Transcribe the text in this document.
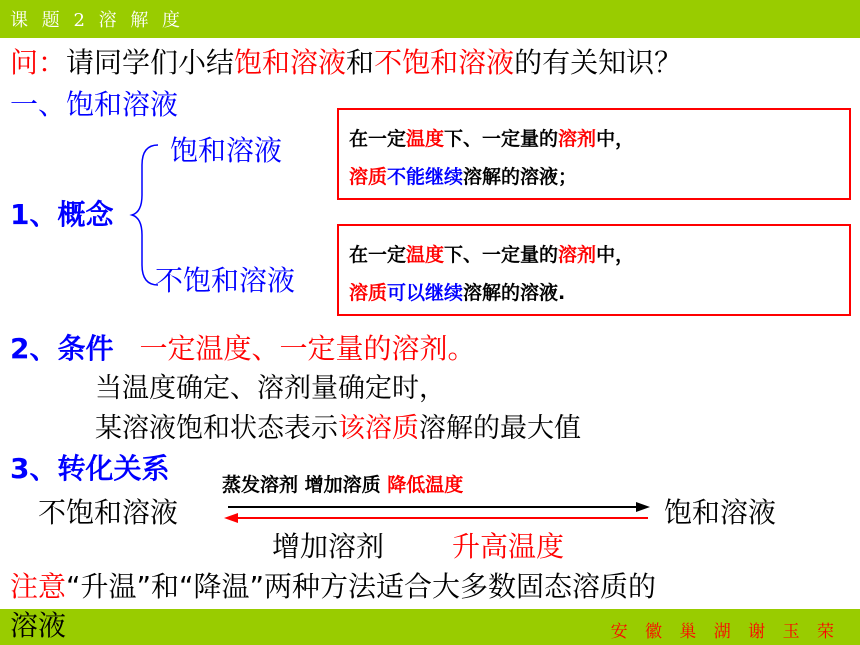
课 题 2 溶 解 度
问：请同学们小结饱和溶液和不饱和溶液的有关知识？
一、饱和溶液
饱和溶液
1、概念
不饱和溶液
在一定温度下、一定量的溶剂中，
溶质不能继续溶解的溶液；
在一定温度下、一定量的溶剂中，
溶质可以继续溶解的溶液.
2、条件 一定温度、一定量的溶剂。
当温度确定、溶剂量确定时，
某溶液饱和状态表示该溶质溶解的最大值
3、转化关系	蒸发溶剂 增加溶质 降低温度
不饱和溶液	饱和溶液
增加溶剂 升高温度
注意“升温”和“降温”两种方法适合大多数固态溶质的
溶液	安 徽 巢 湖 谢 玉 荣
